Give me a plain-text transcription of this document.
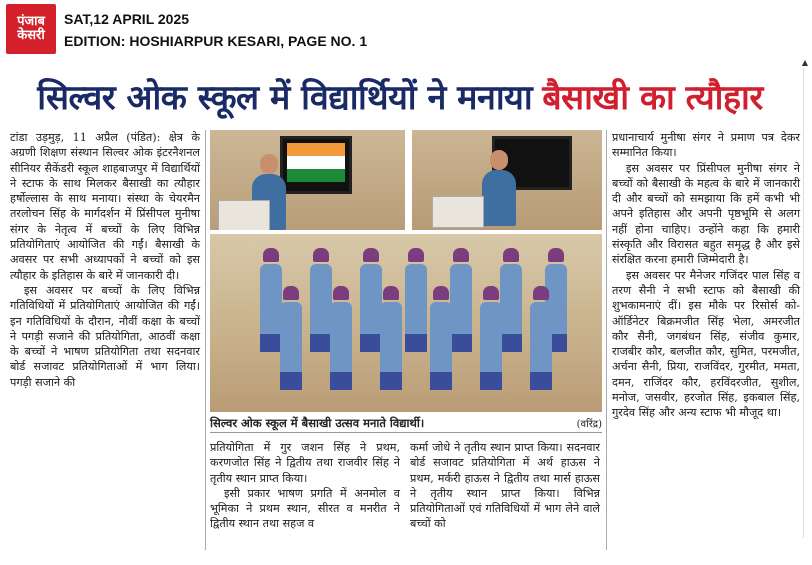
पंजाब
केसरी
SAT,12 APRIL 2025
EDITION: HOSHIARPUR KESARI, PAGE NO. 1
▲
सिल्वर ओक स्कूल में विद्यार्थियों ने मनाया बैसाखी का त्यौहार

टांडा उड़मुड़, 11 अप्रैल (पंडित): क्षेत्र के अग्रणी शिक्षण संस्थान सिल्वर ओक इंटरनैशनल सीनियर सैकेंडरी स्कूल शाहबाजपुर में विद्यार्थियों ने स्टाफ के साथ मिलकर बैसाखी का त्यौहार हर्षोल्लास के साथ मनाया। संस्था के चेयरमैन तरलोचन सिंह के मार्गदर्शन में प्रिंसीपल मुनीषा संगर के नेतृत्व में बच्चों के लिए विभिन्न प्रतियोगिताएं आयोजित की गईं। बैसाखी के अवसर पर सभी अध्यापकों ने बच्चों को इस त्यौहार के इतिहास के बारे में जानकारी दी।

इस अवसर पर बच्चों के लिए विभिन्न गतिविधियों में प्रतियोगिताएं आयोजित की गईं। इन गतिविधियों के दौरान, नौवीं कक्षा के बच्चों ने पगड़ी सजाने की प्रतियोगिता, आठवीं कक्षा के बच्चों ने भाषण प्रतियोगिता तथा सदनवार बोर्ड सजावट प्रतियोगिताओं में भाग लिया। पगड़ी सजाने की

सिल्वर ओक स्कूल में बैसाखी उत्सव मनाते विद्यार्थी।	(वरिंद्र)

प्रतियोगिता में गुर जशन सिंह ने प्रथम, करणजोत सिंह ने द्वितीय तथा राजवीर सिंह ने तृतीय स्थान प्राप्त किया।

इसी प्रकार भाषण प्रगति में अनमोल व भूमिका ने प्रथम स्थान, सीरत व मनरीत ने द्वितीय स्थान तथा सहज व

कर्मा जोधे ने तृतीय स्थान प्राप्त किया। सदनवार बोर्ड सजावट प्रतियोगिता में अर्थ हाऊस ने प्रथम, मर्करी हाऊस ने द्वितीय तथा मार्स हाऊस ने तृतीय स्थान प्राप्त किया। विभिन्न प्रतियोगिताओं एवं गतिविधियों में भाग लेने वाले बच्चों को

प्रधानाचार्य मुनीषा संगर ने प्रमाण पत्र देकर सम्मानित किया।

इस अवसर पर प्रिंसीपल मुनीषा संगर ने बच्चों को बैसाखी के महत्व के बारे में जानकारी दी और बच्चों को समझाया कि हमें कभी भी अपने इतिहास और अपनी पृष्ठभूमि से अलग नहीं होना चाहिए। उन्होंने कहा कि हमारी संस्कृति और विरासत बहुत समृद्ध है और इसे संरक्षित करना हमारी जिम्मेदारी है।

इस अवसर पर मैनेजर गजिंदर पाल सिंह व तरण सैनी ने सभी स्टाफ को बैसाखी की शुभकामनाएं दीं। इस मौके पर रिसोर्स को-ऑर्डिनेटर बिक्रमजीत सिंह भेला, अमरजीत कौर सैनी, जगबंधन सिंह, संजीव कुमार, राजबीर कौर, बलजीत कौर, सुमित, परमजीत, अर्चना सैनी, प्रिया, राजविंदर, गुरमीत, ममता, दमन, राजिंदर कौर, हरविंदरजीत, सुशील, मनोज, जसवीर, हरजोत सिंह, इकबाल सिंह, गुरदेव सिंह और अन्य स्टाफ भी मौजूद था।
